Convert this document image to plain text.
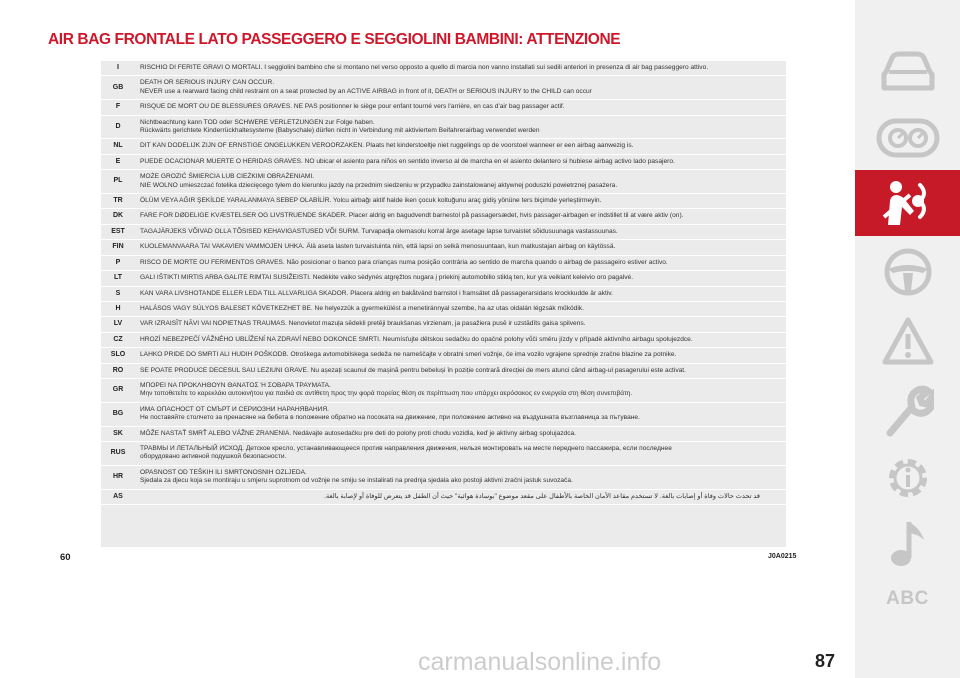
AIR BAG FRONTALE LATO PASSEGGERO E SEGGIOLINI BAMBINI: ATTENZIONE
I	RISCHIO DI FERITE GRAVI O MORTALI. I seggiolini bambino che si montano nel verso opposto a quello di marcia non vanno installati sui sedili anteriori in presenza di air bag passeggero attivo.

GB	DEATH OR SERIOUS INJURY CAN OCCUR.
NEVER use a rearward facing child restraint on a seat protected by an ACTIVE AIRBAG in front of it, DEATH or SERIOUS INJURY to the CHILD can occur

F	RISQUE DE MORT OU DE BLESSURES GRAVES. NE PAS positionner le siège pour enfant tourné vers l'arrière, en cas d'air bag passager actif.

D	Nichtbeachtung kann TOD oder SCHWERE VERLETZUNGEN zur Folge haben.
Rückwärts gerichtete Kinderrückhaltesysteme (Babyschale) dürfen nicht in Verbindung mit aktiviertem Beifahrerairbag verwendet werden

NL	DIT KAN DODELIJK ZIJN OF ERNSTIGE ONGELUKKEN VEROORZAKEN. Plaats het kinderstoeltje niet ruggelings op de voorstoel wanneer er een airbag aanwezig is.

E	PUEDE OCACIONAR MUERTE O HERIDAS GRAVES. NO ubicar el asiento para niños en sentido inverso al de marcha en el asiento delantero si hubiese airbag activo lado pasajero.

PL	MOŻE GROZIĆ ŚMIERCIA LUB CIEŻKIMI OBRAŻENIAMI.
NIE WOLNO umieszczać fotelika dziecięcego tyłem do kierunku jazdy na przednim siedzeniu w przypadku zainstalowanej aktywnej poduszki powietrznej pasażera.

TR	ÖLÜM VEYA AĞIR ŞEKİLDE YARALANMAYA SEBEP OLABİLİR. Yolcu airbağı aktif halde iken çocuk koltuğunu araç gidiş yönüne ters biçimde yerleştirmeyin.

DK	FARE FOR DØDELIGE KVÆSTELSER OG LIVSTRUENDE SKADER. Placer aldrig en bagudvendt barnestol på passagersædet, hvis passager-airbagen er indstillet til at være aktiv (on).

EST	TAGAJÄRJEKS VÕIVAD OLLA TÕSISED KEHAVIGASTUSED VÕI SURM. Turvapadja olemasolu korral ärge asetage lapse turvaistet sõidusuunaga vastassuunas.

FIN	KUOLEMANVAARA TAI VAKAVIEN VAMMOJEN UHKA. Älä aseta lasten turvaistuinta niin, että lapsi on selkä menosuuntaan, kun matkustajan airbag on käytössä.

P	RISCO DE MORTE OU FERIMENTOS GRAVES. Não posicionar o banco para crianças numa posição contrária ao sentido de marcha quando o airbag de passageiro estiver activo.

LT	GALI IŠTIKTI MIRTIS ARBA GALITE RIMTAI SUSIŽEISTI. Nedėkite vaiko sėdynės atgręžtos nugara į priekinį automobilio stiklą ten, kur yra veikiant keleivio oro pagalvė.

S	KAN VARA LIVSHOTANDE ELLER LEDA TILL ALLVARLIGA SKADOR. Placera aldrig en bakåtvänd barnstol i framsätet då passagerarsidans krockkudde är aktiv.

H	HALÁSOS VAGY SÚLYOS BALESET KÖVETKEZHET BE. Ne helyezzük a gyermekülést a menetiránnyal szembe, ha az utas oldalán légzsák működik.

LV	VAR IZRAISĪT NĀVI VAI NOPIETNAS TRAUMAS. Nenovietot mazuļa sēdekli pretēji braukšanas virzienam, ja pasažiera pusē ir uzstādīts gaisa spilvens.

CZ	HROZÍ NEBEZPEČÍ VÁŽNÉHO UBLÍŽENÍ NA ZDRAVÍ NEBO DOKONCE SMRTI. Neumísťujte dětskou sedačku do opačné polohy vůči směru jízdy v případě aktivního airbagu spolujezdce.

SLO	LAHKO PRIDE DO SMRTI ALI HUDIH POŠKODB. Otroškega avtomobilskega sedeža ne nameščajte v obratni smeri vožnje, če ima vozilo vgrajene sprednje zračne blazine za potnike.

RO	SE POATE PRODUCE DECESUL SAU LEZIUNI GRAVE. Nu așezați scaunul de mașină pentru bebeluși în poziție contrară direcției de mers atunci când airbag-ul pasagerului este activat.

GR	ΜΠΟΡΕΙ ΝΑ ΠΡΟΚΛΗΘΟΥΝ ΘΑΝΑΤΟΣ Ή ΣΟΒΑΡΑ ΤΡΑΥΜΑΤΑ.
Μην τοποθετείτε το καρεκλάκι αυτοκινήτου για παιδιά σε αντίθετη προς την φορά πορείας θέση σε περίπτωση που υπάρχει αερόσακος εν ενεργεία στη θέση συνεπιβάτη.

BG	ИМА ОПАСНОСТ ОТ СМЪРТ И СЕРИОЗНИ НАРАНЯВАНИЯ.
Не поставяйте столчето за пренасяне на бебета в положение обратно на посоката на движение, при положение активно на въздушната възглавница за пътуване.

SK	MÔŽE NASTAŤ SMRŤ ALEBO VÁŽNE ZRANENIA. Nedávajte autosedačku pre deti do polohy proti chodu vozidla, keď je aktívny airbag spolujazdca.

RUS	ТРАВМЫ И ЛЕТАЛЬНЫЙ ИСХОД. Детское кресло, устанавливающееся против направления движения, нельзя монтировать на месте переднего пассажира, если последнее
оборудовано активной подушкой безопасности.

HR	OPASNOST OD TEŠKIH ILI SMRTONOSNIH OZLJEDA.
Sjedala za djecu koja se montiraju u smjeru suprotnom od vožnje ne smiju se instalirati na prednja sjedala ako postoji aktivni zračni jastuk suvozača.

AS	قد تحدث حالات وفاة أو إصابات بالغة. لا تستخدم مقاعد الأمان الخاصة بالأطفال على مقعد موضوع "بوسادة هوائية" حيث أن الطفل قد يتعرض للوفاة أو لإصابة بالغة.
60	J0A0215
ABC
carmanualsonline.info	87
